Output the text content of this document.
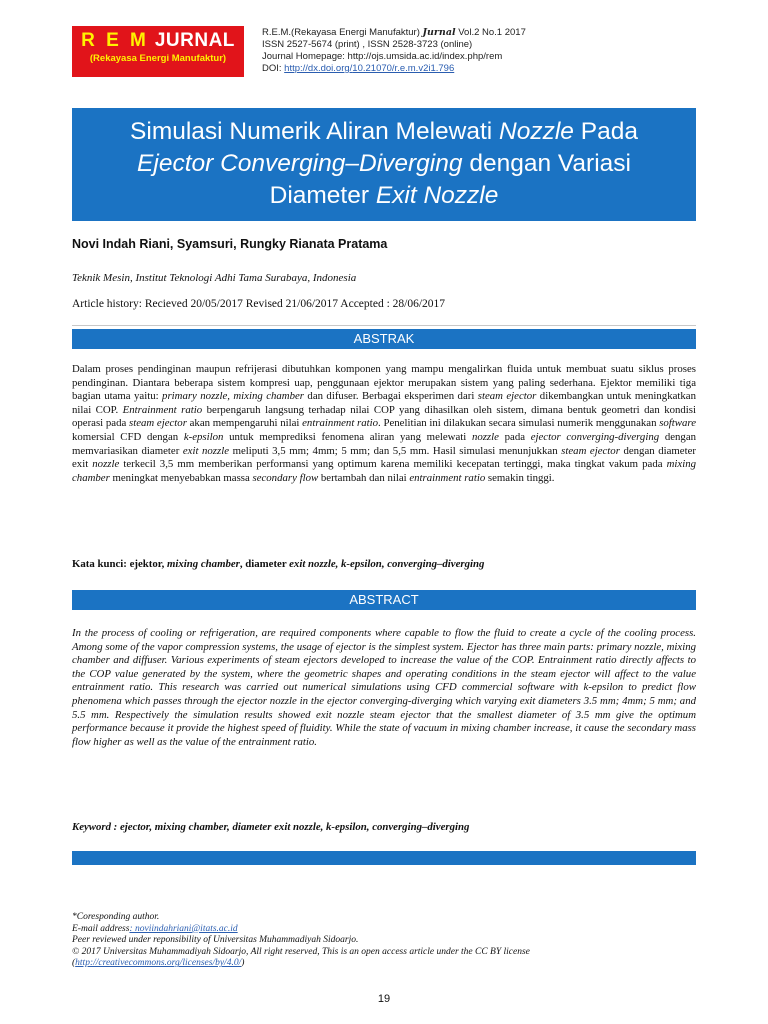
R E M JURNAL
(Rekayasa Energi Manufaktur)
R.E.M.(Rekayasa Energi Manufaktur) Jurnal Vol.2 No.1 2017
ISSN 2527-5674 (print) , ISSN 2528-3723 (online)
Journal Homepage: http://ojs.umsida.ac.id/index.php/rem
DOI: http://dx.doi.org/10.21070/r.e.m.v2i1.796
Simulasi Numerik Aliran Melewati Nozzle Pada
Ejector Converging–Diverging dengan Variasi
Diameter Exit Nozzle
Novi Indah Riani, Syamsuri, Rungky Rianata Pratama
Teknik Mesin, Institut Teknologi Adhi Tama Surabaya, Indonesia
Article history: Recieved 20/05/2017 Revised 21/06/2017 Accepted : 28/06/2017
ABSTRAK
Dalam proses pendinginan maupun refrijerasi dibutuhkan komponen yang mampu mengalirkan fluida untuk membuat suatu siklus proses pendinginan. Diantara beberapa sistem kompresi uap, penggunaan ejektor merupakan sistem yang paling sederhana. Ejektor memiliki tiga bagian utama yaitu: primary nozzle, mixing chamber dan difuser. Berbagai eksperimen dari steam ejector dikembangkan untuk meningkatkan nilai COP. Entrainment ratio berpengaruh langsung terhadap nilai COP yang dihasilkan oleh sistem, dimana bentuk geometri dan kondisi operasi pada steam ejector akan mempengaruhi nilai entrainment ratio. Penelitian ini dilakukan secara simulasi numerik menggunakan software komersial CFD dengan k-epsilon untuk memprediksi fenomena aliran yang melewati nozzle pada ejector converging-diverging dengan memvariasikan diameter exit nozzle meliputi 3,5 mm; 4mm; 5 mm; dan 5,5 mm. Hasil simulasi menunjukkan steam ejector dengan diameter exit nozzle terkecil 3,5 mm memberikan performansi yang optimum karena memiliki kecepatan tertinggi, maka tingkat vakum pada mixing chamber meningkat menyebabkan massa secondary flow bertambah dan nilai entrainment ratio semakin tinggi.
Kata kunci: ejektor, mixing chamber, diameter exit nozzle, k-epsilon, converging–diverging
ABSTRACT
In the process of cooling or refrigeration, are required components where capable to flow the fluid to create a cycle of the cooling process. Among some of the vapor compression systems, the usage of ejector is the simplest system. Ejector has three main parts: primary nozzle, mixing chamber and diffuser. Various experiments of steam ejectors developed to increase the value of the COP. Entrainment ratio directly affects to the COP value generated by the system, where the geometric shapes and operating conditions in the steam ejector will affect to the value entrainment ratio. This research was carried out numerical simulations using CFD commercial software with k-epsilon to predict flow phenomena which passes through the ejector nozzle in the ejector converging-diverging which varying exit diameters 3.5 mm; 4mm; 5 mm; and 5.5 mm. Respectively the simulation results showed exit nozzle steam ejector that the smallest diameter of 3.5 mm give the optimum performance because it provide the highest speed of fluidity. While the state of vacuum in mixing chamber increase, it cause the secondary mass flow higher as well as the value of the entrainment ratio.
Keyword : ejector, mixing chamber, diameter exit nozzle, k-epsilon, converging–diverging
*Coresponding author.
E-mail address: noviindahriani@itats.ac.id
Peer reviewed under reponsibility of Universitas Muhammadiyah Sidoarjo.
© 2017 Universitas Muhammadiyah Sidoarjo, All right reserved, This is an open access article under the CC BY license
(http://creativecommons.org/licenses/by/4.0/)
19
